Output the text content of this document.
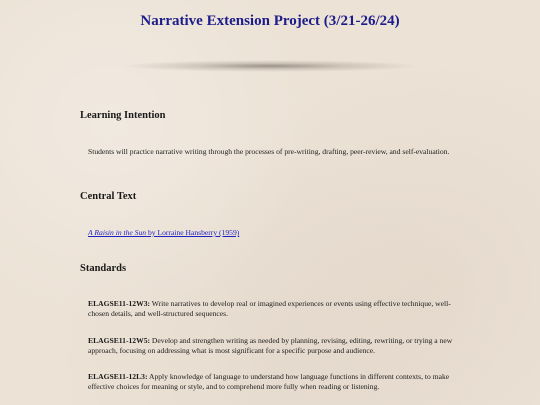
Narrative Extension Project (3/21-26/24)
Learning Intention
Students will practice narrative writing through the processes of pre-writing, drafting, peer-review, and self-evaluation.
Central Text
A Raisin in the Sun by Lorraine Hansberry (1959)
Standards
ELAGSE11-12W3: Write narratives to develop real or imagined experiences or events using effective technique, well-chosen details, and well-structured sequences.
ELAGSE11-12W5: Develop and strengthen writing as needed by planning, revising, editing, rewriting, or trying a new approach, focusing on addressing what is most significant for a specific purpose and audience.
ELAGSE11-12L3: Apply knowledge of language to understand how language functions in different contexts, to make effective choices for meaning or style, and to comprehend more fully when reading or listening.
